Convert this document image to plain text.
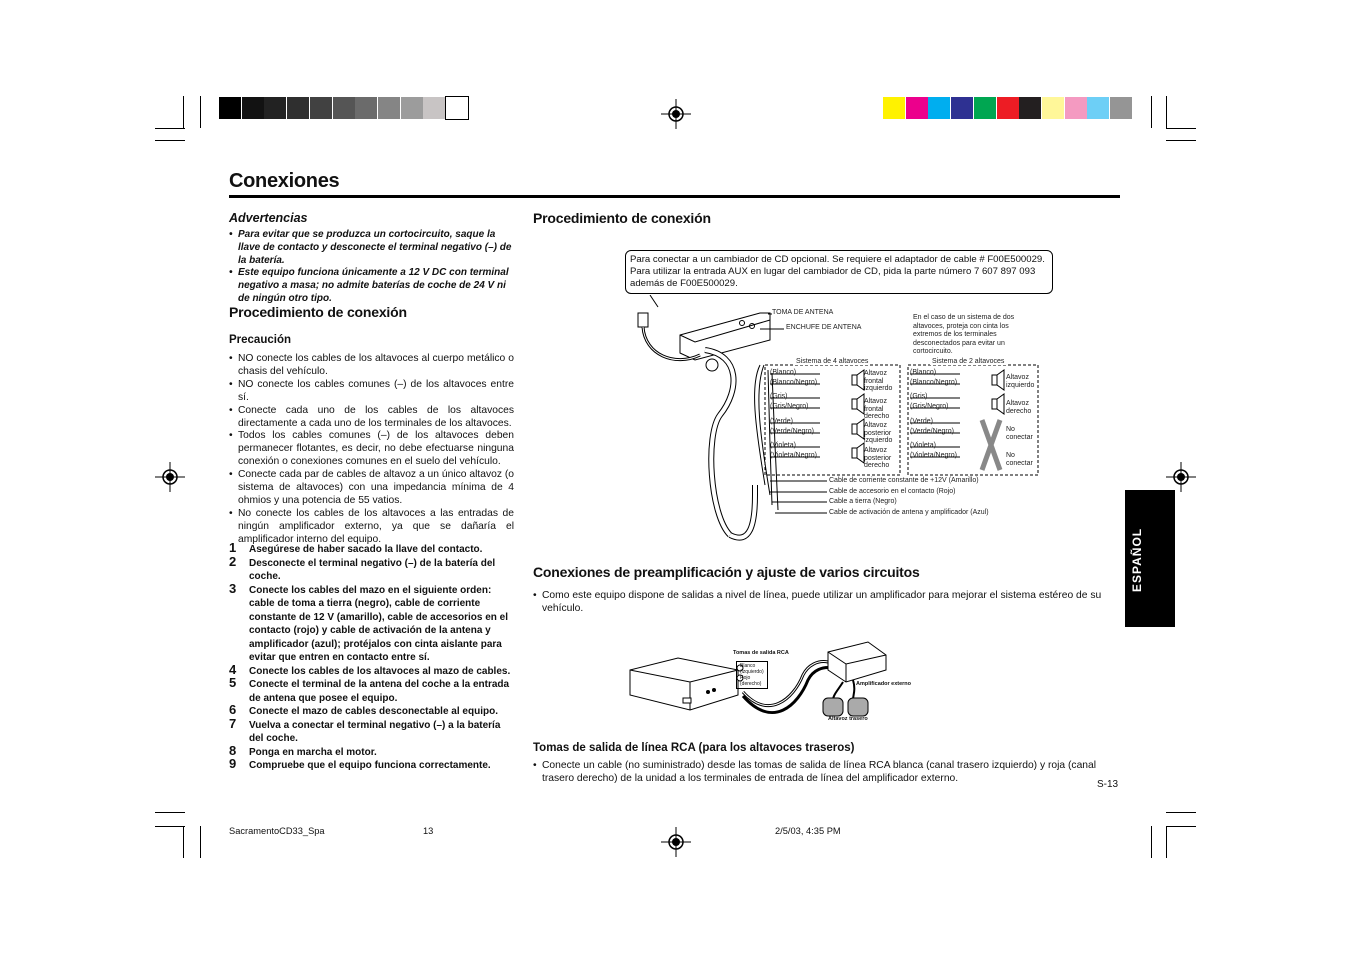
Conexiones
Advertencias
• Para evitar que se produzca un cortocircuito, saque la llave de contacto y desconecte el terminal negativo (–) de la batería.
• Este equipo funciona únicamente a 12 V DC con terminal negativo a masa; no admite baterías de coche de 24 V ni de ningún otro tipo.
Procedimiento de conexión
Precaución
• NO conecte los cables de los altavoces al cuerpo metálico o chasis del vehículo.
• NO conecte los cables comunes (–) de los altavoces entre sí.
• Conecte cada uno de los cables de los altavoces directamente a cada uno de los terminales de los altavoces.
• Todos los cables comunes (–) de los altavoces deben permanecer flotantes, es decir, no debe efectuarse ninguna conexión o conexiones comunes en el suelo del vehículo.
• Conecte cada par de cables de altavoz a un único altavoz (o sistema de altavoces) con una impedancia mínima de 4 ohmios y una potencia de 55 vatios.
• No conecte los cables de los altavoces a las entradas de ningún amplificador externo, ya que se dañaría el amplificador interno del equipo.
1 Asegúrese de haber sacado la llave del contacto.
2 Desconecte el terminal negativo (–) de la batería del coche.
3 Conecte los cables del mazo en el siguiente orden: cable de toma a tierra (negro), cable de corriente constante de 12 V (amarillo), cable de accesorios en el contacto (rojo) y cable de activación de la antena y amplificador (azul); protéjalos con cinta aislante para evitar que entren en contacto entre sí.
4 Conecte los cables de los altavoces al mazo de cables.
5 Conecte el terminal de la antena del coche a la entrada de antena que posee el equipo.
6 Conecte el mazo de cables desconectable al equipo.
7 Vuelva a conectar el terminal negativo (–) a la batería del coche.
8 Ponga en marcha el motor.
9 Compruebe que el equipo funciona correctamente.
Procedimiento de conexión
Para conectar a un cambiador de CD opcional. Se requiere el adaptador de cable # F00E500029.
Para utilizar la entrada AUX en lugar del cambiador de CD, pida la parte número 7 607 897 093
además de F00E500029.
TOMA DE ANTENA
ENCHUFE DE ANTENA
En el caso de un sistema de dos
altavoces, proteja con cinta los
extremos de los terminales
desconectados para evitar un
cortocircuito.
Sistema de 4 altavoces	Sistema de 2 altavoces
(Blanco)
(Blanco/Negro)
(Gris)
(Gris/Negro)
(Verde)
(Verde/Negro)
(Violeta)
(Violeta/Negro)
Altavoz
frontal
izquierdo
Altavoz
frontal
derecho
Altavoz
posterior
izquierdo
Altavoz
posterior
derecho
(Blanco)
(Blanco/Negro)
(Gris)
(Gris/Negro)
(Verde)
(Verde/Negro)
(Violeta)
(Violeta/Negro)
Altavoz
izquierdo
Altavoz
derecho
No
conectar
No
conectar
Cable de corriente constante de +12V (Amarillo)
Cable de accesorio en el contacto (Rojo)
Cable a tierra (Negro)
Cable de activación de antena y amplificador (Azul)
Conexiones de preamplificación y ajuste de varios circuitos
• Como este equipo dispone de salidas a nivel de línea, puede utilizar un amplificador para mejorar el sistema estéreo de su vehículo.
Tomas de salida RCA
Blanco
(izquierdo)
Rojo
(derecho)	Amplificador externo
Altavoz trasero
Tomas de salida de línea RCA (para los altavoces traseros)
• Conecte un cable (no suministrado) desde las tomas de salida de línea RCA blanca (canal trasero izquierdo) y roja (canal trasero derecho) de la unidad a los terminales de entrada de línea del amplificador externo.
ESPAÑOL
S-13
SacramentoCD33_Spa	13	2/5/03, 4:35 PM
